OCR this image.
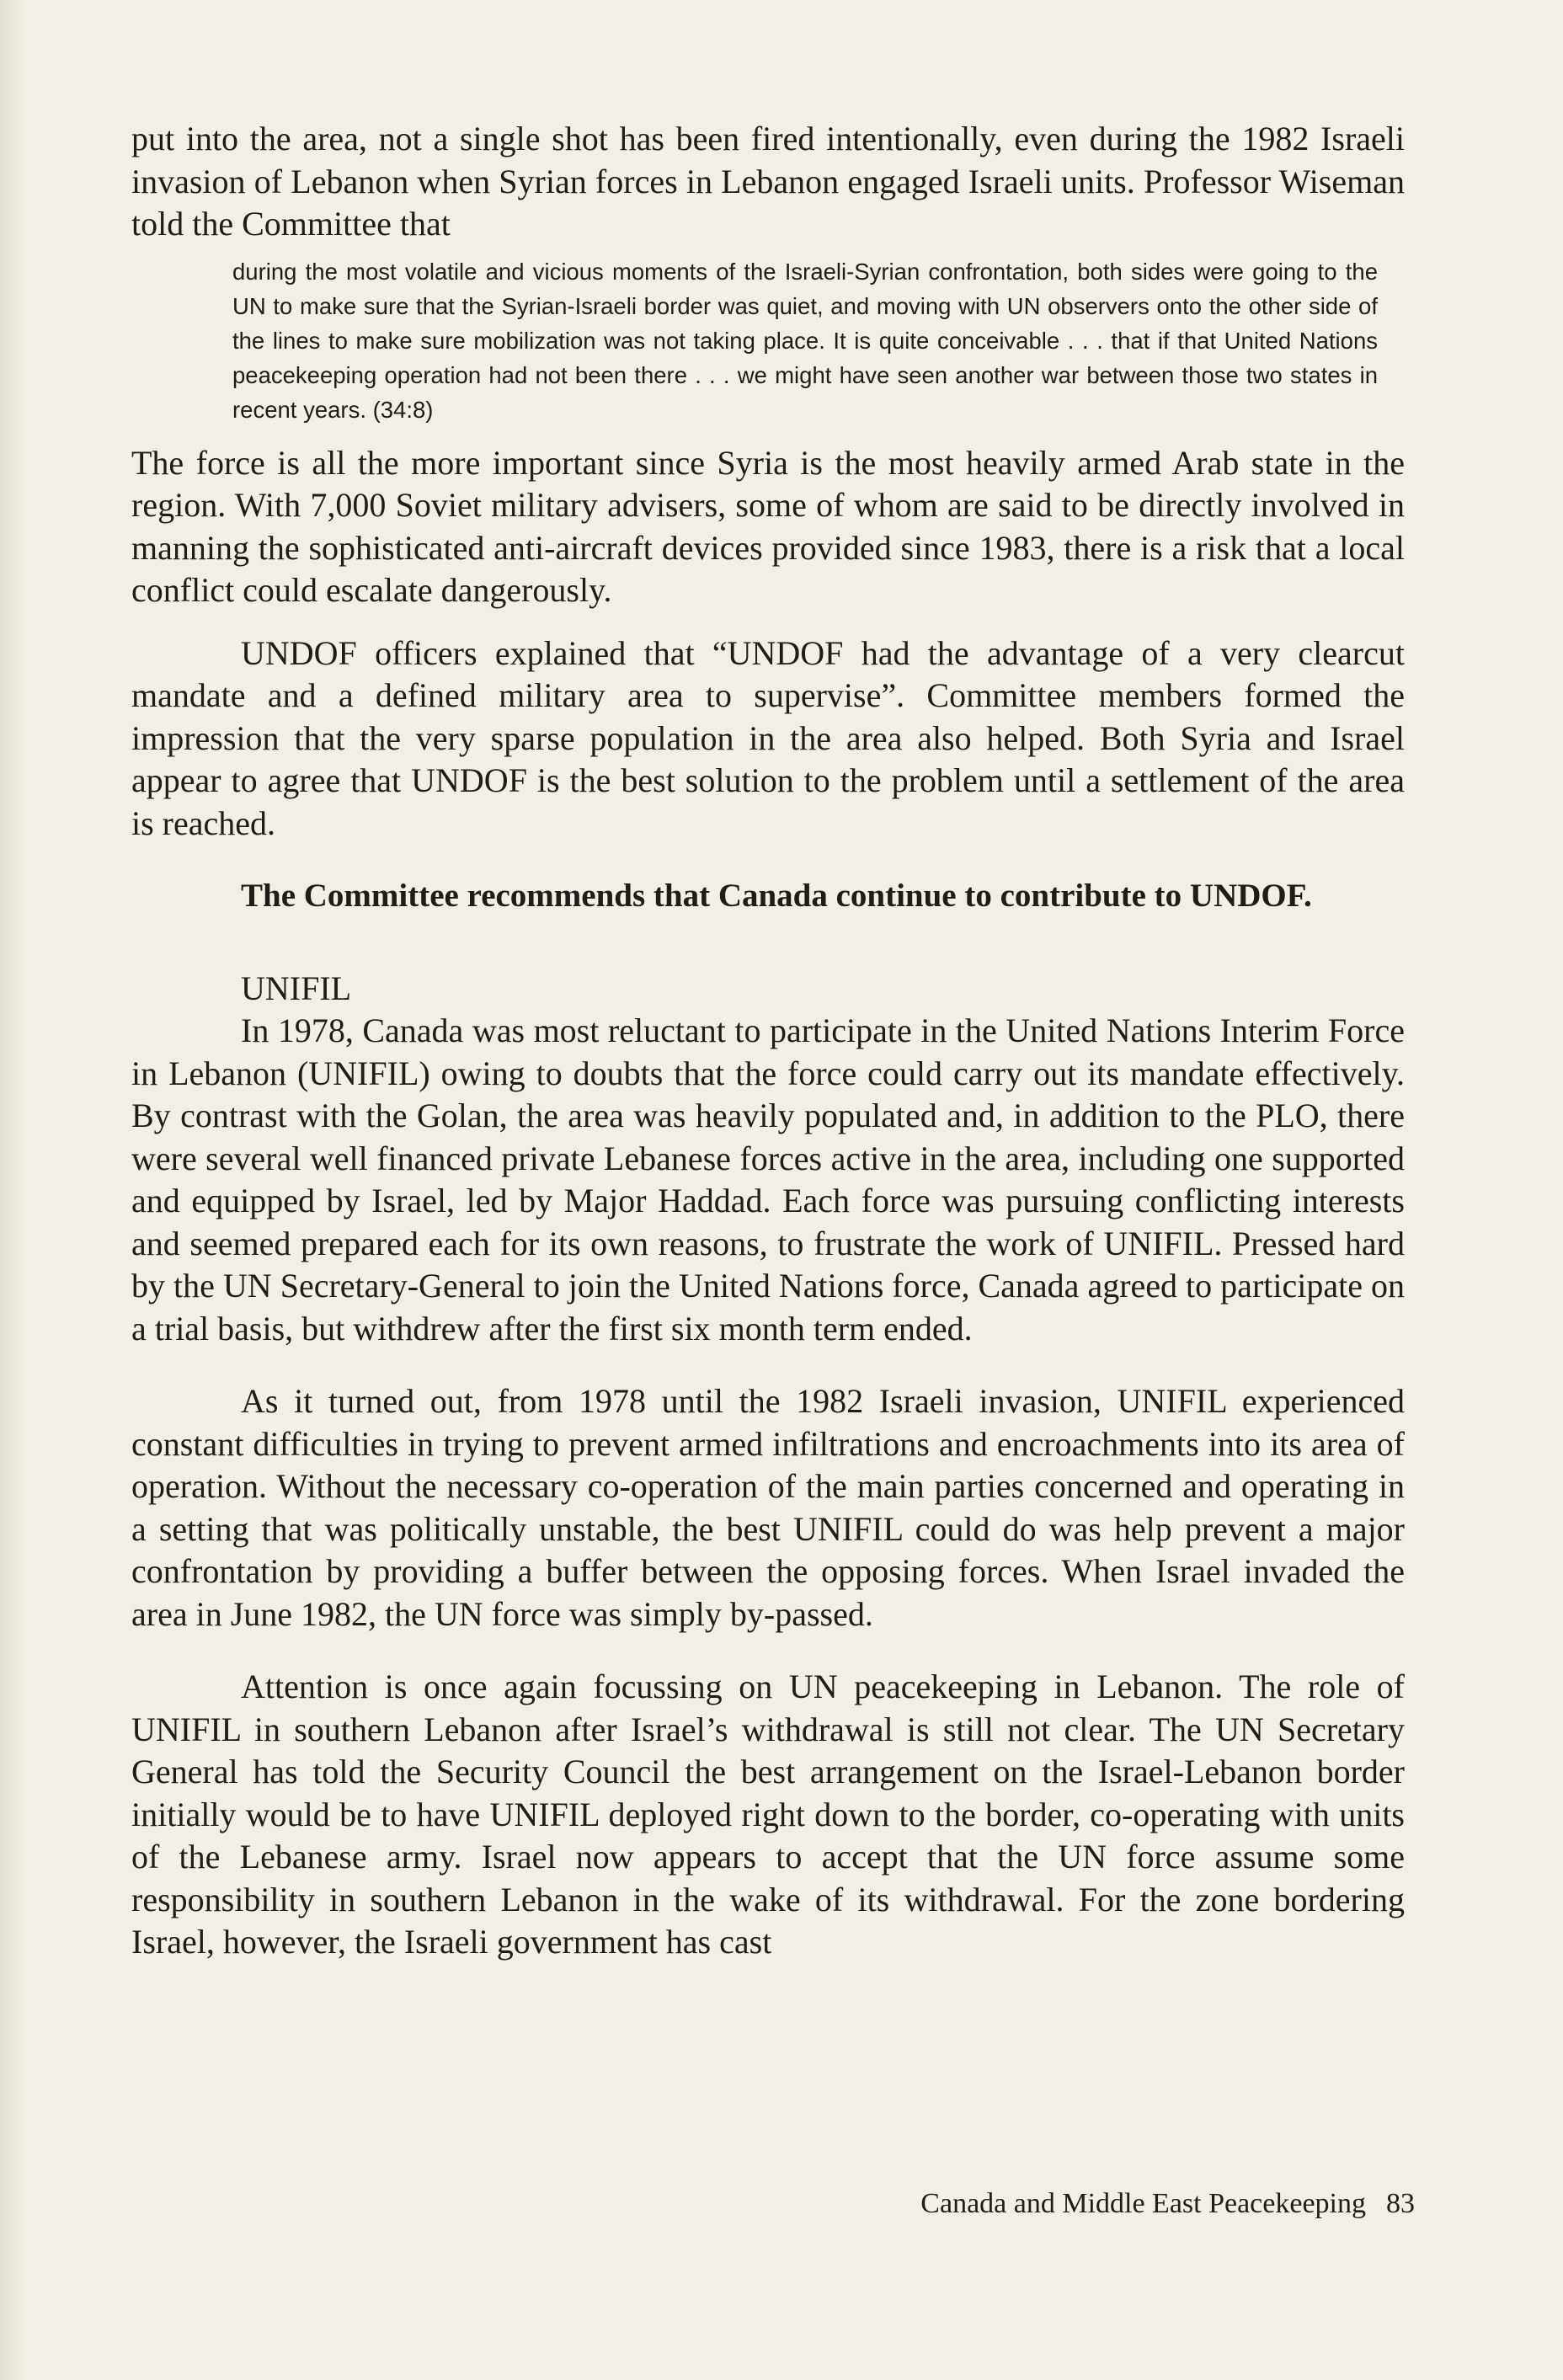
put into the area, not a single shot has been fired intentionally, even during the 1982 Israeli invasion of Lebanon when Syrian forces in Lebanon engaged Israeli units. Professor Wiseman told the Committee that

during the most volatile and vicious moments of the Israeli-Syrian confrontation, both sides were going to the UN to make sure that the Syrian-Israeli border was quiet, and moving with UN observers onto the other side of the lines to make sure mobilization was not taking place. It is quite conceivable . . . that if that United Nations peacekeeping operation had not been there . . . we might have seen another war between those two states in recent years. (34:8)

The force is all the more important since Syria is the most heavily armed Arab state in the region. With 7,000 Soviet military advisers, some of whom are said to be directly involved in manning the sophisticated anti-aircraft devices provided since 1983, there is a risk that a local conflict could escalate dangerously.

UNDOF officers explained that “UNDOF had the advantage of a very clearcut mandate and a defined military area to supervise”. Committee members formed the impression that the very sparse population in the area also helped. Both Syria and Israel appear to agree that UNDOF is the best solution to the problem until a settlement of the area is reached.

The Committee recommends that Canada continue to contribute to UNDOF.

UNIFIL

In 1978, Canada was most reluctant to participate in the United Nations Interim Force in Lebanon (UNIFIL) owing to doubts that the force could carry out its mandate effectively. By contrast with the Golan, the area was heavily populated and, in addition to the PLO, there were several well financed private Lebanese forces active in the area, including one supported and equipped by Israel, led by Major Haddad. Each force was pursuing conflicting interests and seemed prepared each for its own reasons, to frustrate the work of UNIFIL. Pressed hard by the UN Secretary-General to join the United Nations force, Canada agreed to participate on a trial basis, but withdrew after the first six month term ended.

As it turned out, from 1978 until the 1982 Israeli invasion, UNIFIL experienced constant difficulties in trying to prevent armed infiltrations and encroachments into its area of operation. Without the necessary co-operation of the main parties concerned and operating in a setting that was politically unstable, the best UNIFIL could do was help prevent a major confrontation by providing a buffer between the opposing forces. When Israel invaded the area in June 1982, the UN force was simply by-passed.

Attention is once again focussing on UN peacekeeping in Lebanon. The role of UNIFIL in southern Lebanon after Israel’s withdrawal is still not clear. The UN Secretary General has told the Security Council the best arrangement on the Israel-Lebanon border initially would be to have UNIFIL deployed right down to the border, co-operating with units of the Lebanese army. Israel now appears to accept that the UN force assume some responsibility in southern Lebanon in the wake of its withdrawal. For the zone bordering Israel, however, the Israeli government has cast

Canada and Middle East Peacekeeping 83
